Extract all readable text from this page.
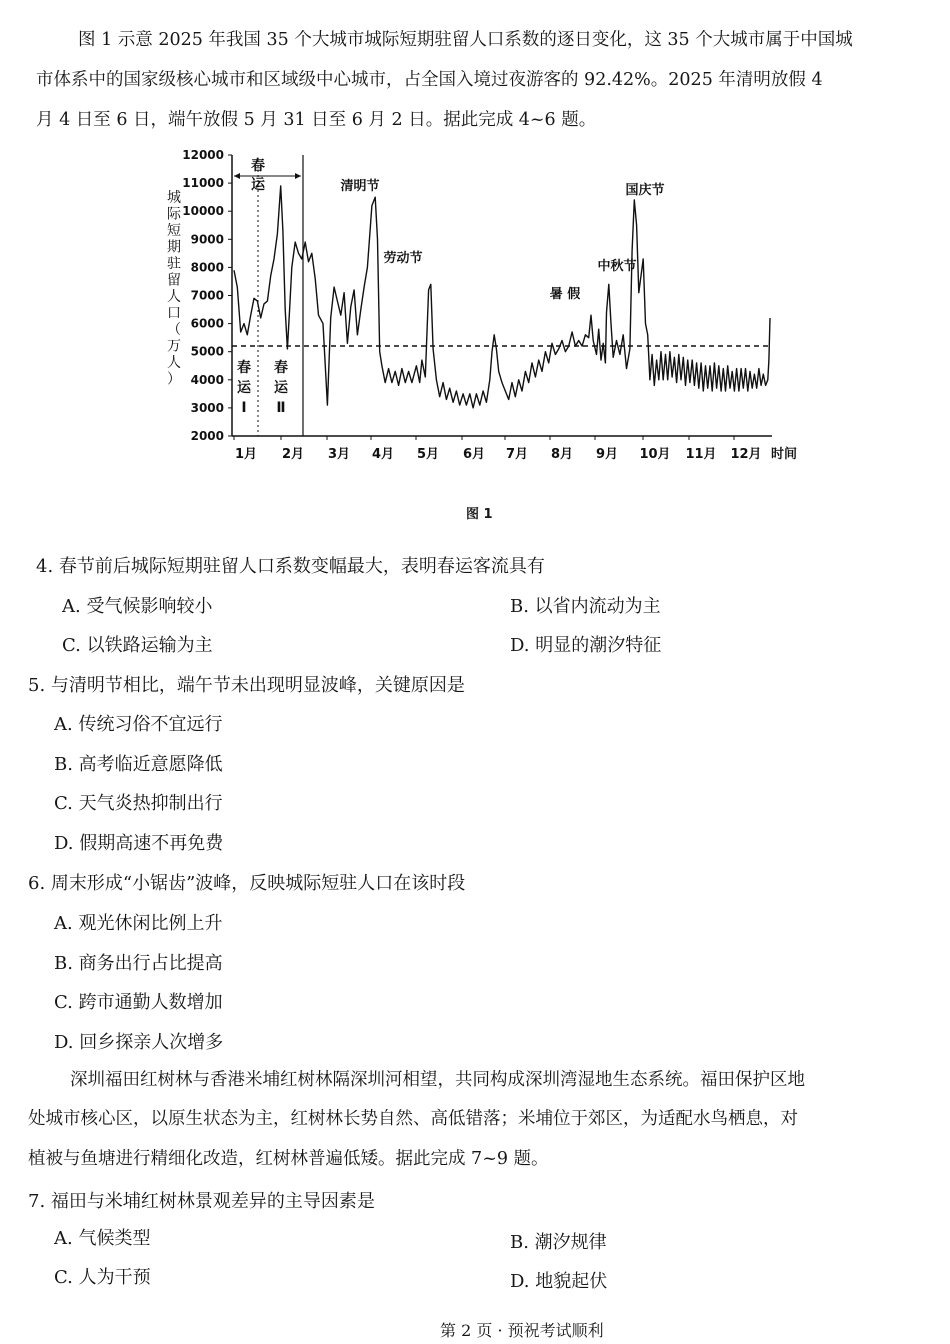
图 1 示意 2025 年我国 35 个大城市城际短期驻留人口系数的逐日变化，这 35 个大城市属于中国城
市体系中的国家级核心城市和区域级中心城市，占全国入境过夜游客的 92.42%。2025 年清明放假 4
月 4 日至 6 日，端午放假 5 月 31 日至 6 月 2 日。据此完成 4~6 题。
城
际
短
期
驻
留
人
口
（
万
人
）
2000
3000
4000
5000
6000
7000
8000
9000
10000
11000
12000
1月 2月 3月 4月 5月 6月 7月 8月 9月 10月 11月 12月 时间
春
运
春
运
Ⅰ
春
运
Ⅱ
清明节
劳动节
暑 假
中秋节
国庆节
图 1
4. 春节前后城际短期驻留人口系数变幅最大，表明春运客流具有
A. 受气候影响较小	B. 以省内流动为主
C. 以铁路运输为主	D. 明显的潮汐特征
5. 与清明节相比，端午节未出现明显波峰，关键原因是
A. 传统习俗不宜远行
B. 高考临近意愿降低
C. 天气炎热抑制出行
D. 假期高速不再免费
6. 周末形成“小锯齿”波峰，反映城际短驻人口在该时段
A. 观光休闲比例上升
B. 商务出行占比提高
C. 跨市通勤人数增加
D. 回乡探亲人次增多
深圳福田红树林与香港米埔红树林隔深圳河相望，共同构成深圳湾湿地生态系统。福田保护区地
处城市核心区，以原生状态为主，红树林长势自然、高低错落；米埔位于郊区，为适配水鸟栖息，对
植被与鱼塘进行精细化改造，红树林普遍低矮。据此完成 7~9 题。
7. 福田与米埔红树林景观差异的主导因素是
A. 气候类型	B. 潮汐规律
C. 人为干预	D. 地貌起伏
第 2 页 · 预祝考试顺利
